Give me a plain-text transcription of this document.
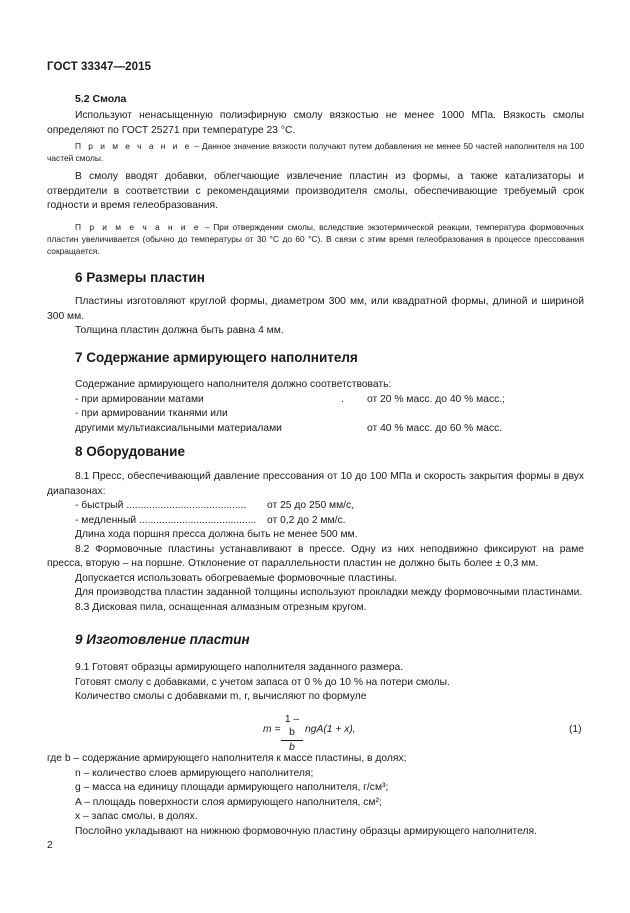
ГОСТ 33347—2015

5.2 Смола

Используют ненасыщенную полиэфирную смолу вязкостью не менее 1000 МПа. Вязкость смолы определяют по ГОСТ 25271 при температуре 23 °С.

П р и м е ч а н и е – Данное значение вязкости получают путем добавления не менее 50 частей наполнителя на 100 частей смолы.

В смолу вводят добавки, облегчающие извлечение пластин из формы, а также катализаторы и отвердители в соответствии с рекомендациями производителя смолы, обеспечивающие требуемый срок годности и время гелеобразования.

П р и м е ч а н и е – При отверждении смолы, вследствие экзотермической реакции, температура формовочных пластин увеличивается (обычно до температуры от 30 °С до 60 °С). В связи с этим время гелеобразования в процессе прессования сокращается.

6 Размеры пластин

Пластины изготовляют круглой формы, диаметром 300 мм, или квадратной формы, длиной и шириной 300 мм.

Толщина пластин должна быть равна 4 мм.

7 Содержание армирующего наполнителя

Содержание армирующего наполнителя должно соответствовать:

- при армировании матами	. от 20 % масс. до 40 % масс.;
- при армировании тканями или
другими мультиаксиальными материалами	от 40 % масс. до 60 % масс.

8 Оборудование

8.1 Пресс, обеспечивающий давление прессования от 10 до 100 МПа и скорость закрытия формы в двух диапазонах:

- быстрый ..........................................	от 25 до 250 мм/с,
- медленный .........................................	от 0,2 до 2 мм/с.

Длина хода поршня пресса должна быть не менее 500 мм.

8.2 Формовочные пластины устанавливают в прессе. Одну из них неподвижно фиксируют на раме пресса, вторую – на поршне. Отклонение от параллельности пластин не должно быть более ± 0,3 мм.

Допускается использовать обогреваемые формовочные пластины.

Для производства пластин заданной толщины используют прокладки между формовочными пластинами.

8.3 Дисковая пила, оснащенная алмазным отрезным кругом.

9 Изготовление пластин

9.1 Готовят образцы армирующего наполнителя заданного размера.

Готовят смолу с добавками, с учетом запаса от 0 % до 10 % на потери смолы.

Количество смолы с добавками m, r, вычисляют по формуле

$m = \frac{1 - b}{b} ngA(1 + x)$,	(1)
где b – содержание армирующего наполнителя к массе пластины, в долях;
n – количество слоев армирующего наполнителя;
g – масса на единицу площади армирующего наполнителя, г/см³;
A – площадь поверхности слоя армирующего наполнителя, см²;
x – запас смолы, в долях.

Послойно укладывают на нижнюю формовочную пластину образцы армирующего наполнителя.

2
